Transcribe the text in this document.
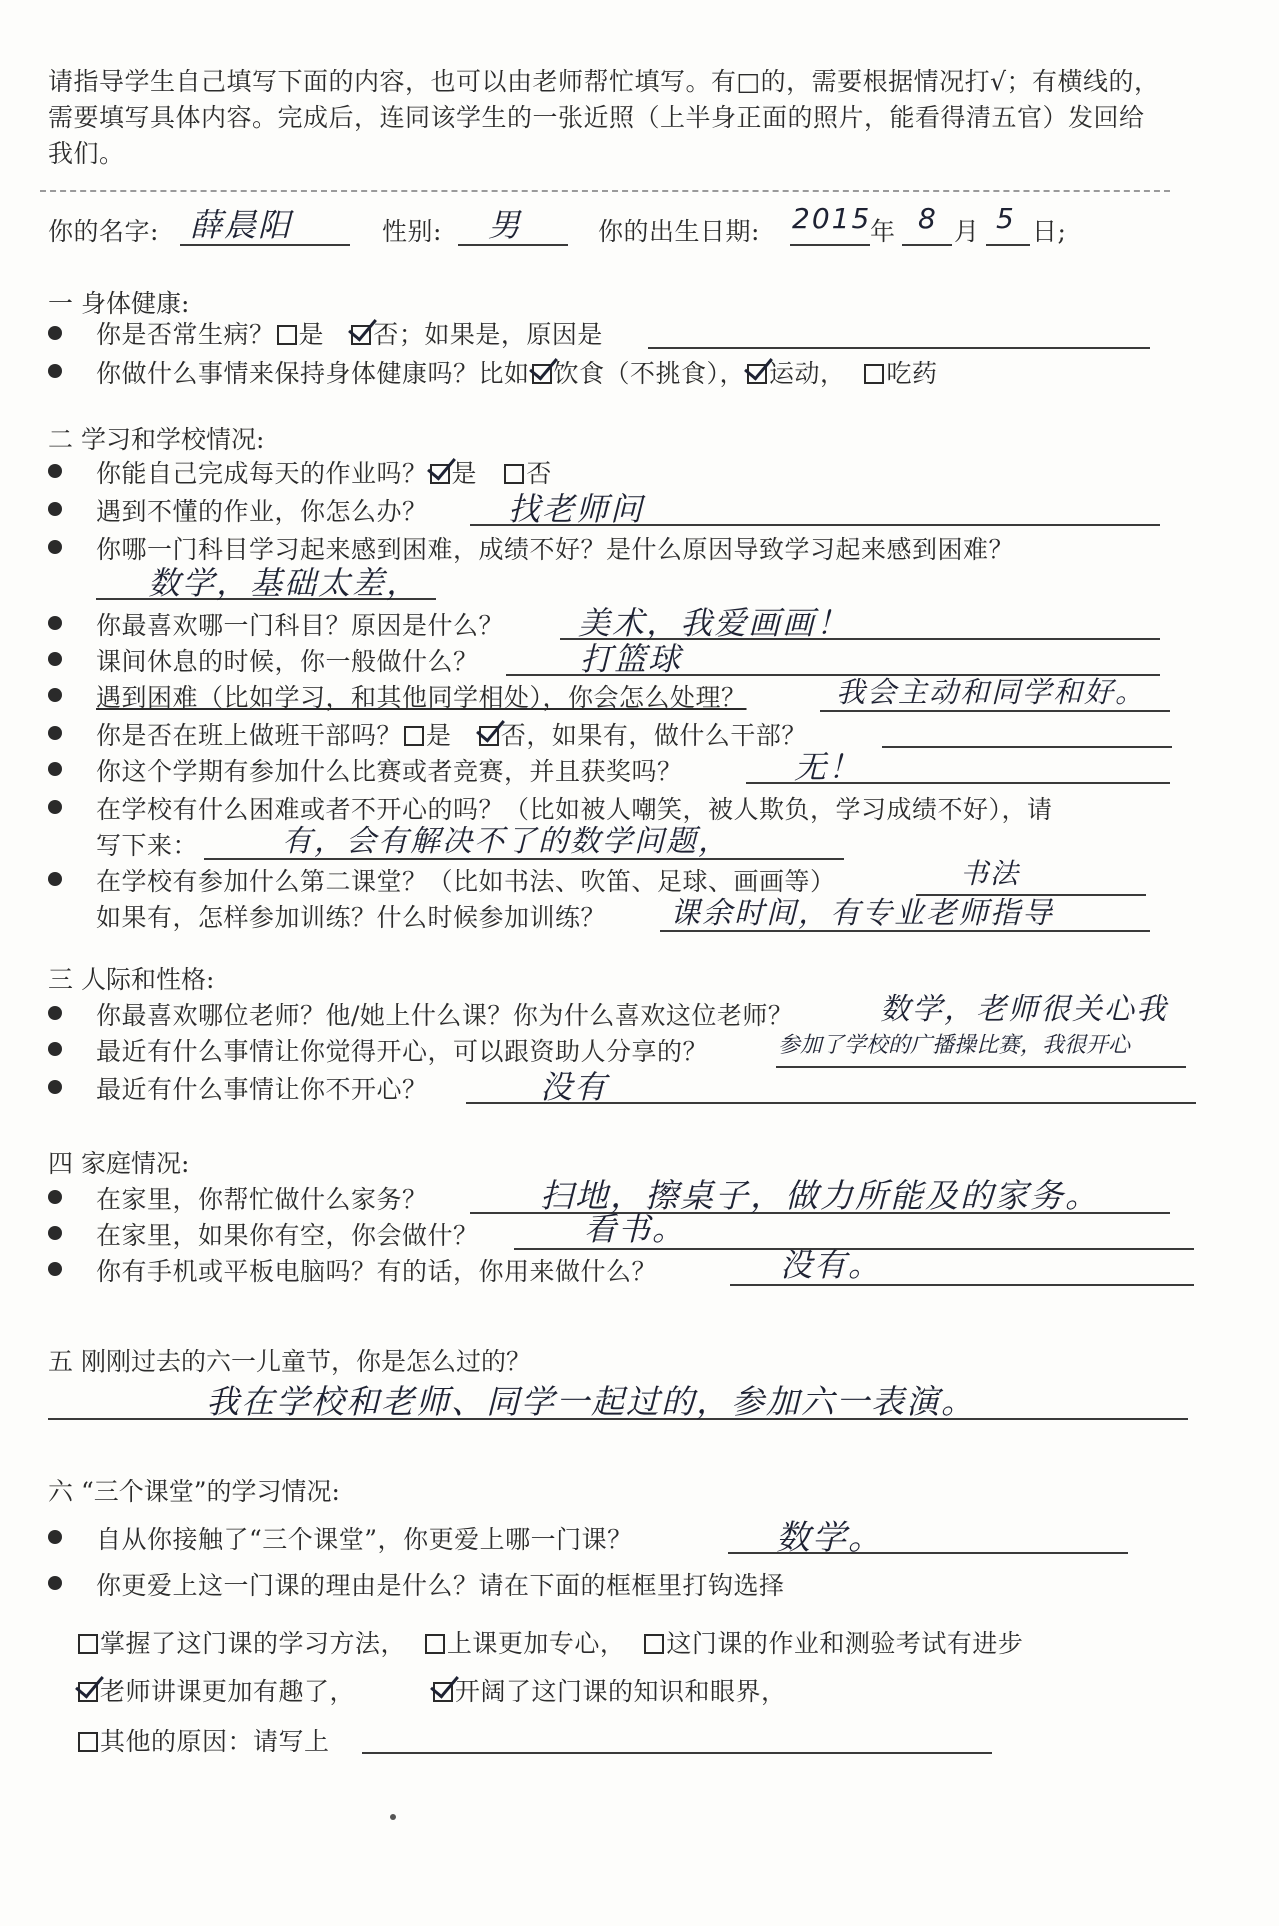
请指导学生自己填写下面的内容，也可以由老师帮忙填写。有□的，需要根据情况打√；有横线的，需要填写具体内容。完成后，连同该学生的一张近照（上半身正面的照片，能看得清五官）发回给我们。
你的名字: 薛晨阳	性别: 男	你的出生日期: 2015
年 8 月 5 日;
一 身体健康:
你是否常生病？ 是 否；如果是，原因是
你做什么事情来保持身体健康吗？比如 饮食（不挑食）， 运动， 吃药
二 学习和学校情况:
你能自己完成每天的作业吗？ 是 否
遇到不懂的作业，你怎么办？	找老师问
你哪一门科目学习起来感到困难，成绩不好？是什么原因导致学习起来感到困难？
数学，基础太差，
你最喜欢哪一门科目？原因是什么？ 美术，我爱画画！
课间休息的时候，你一般做什么？	打篮球
遇到困难（比如学习，和其他同学相处），你会怎么处理？	我会主动和同学和好。
你是否在班上做班干部吗？ 是 否，如果有，做什么干部？
你这个学期有参加什么比赛或者竞赛，并且获奖吗？	无！
在学校有什么困难或者不开心的吗？（比如被人嘲笑，被人欺负，学习成绩不好），请
写下来：	有，会有解决不了的数学问题，
在学校有参加什么第二课堂？（比如书法、吹笛、足球、画画等）	书法
如果有，怎样参加训练？什么时候参加训练？ 课余时间，有专业老师指导
三 人际和性格:
你最喜欢哪位老师？他/她上什么课？你为什么喜欢这位老师？	数学，老师很关心我
最近有什么事情让你觉得开心，可以跟资助人分享的？	参加了学校的广播操比赛，我很开心
最近有什么事情让你不开心？	没有
四 家庭情况:
在家里，你帮忙做什么家务？	扫地，擦桌子，做力所能及的家务。
在家里，如果你有空，你会做什？	看书。
你有手机或平板电脑吗？有的话，你用来做什么？	没有。
五 刚刚过去的六一儿童节，你是怎么过的？
我在学校和老师、同学一起过的，参加六一表演。
六 “三个课堂”的学习情况:
自从你接触了“三个课堂”，你更爱上哪一门课？	数学。
你更爱上这一门课的理由是什么？请在下面的框框里打钩选择
掌握了这门课的学习方法， 上课更加专心， 这门课的作业和测验考试有进步
老师讲课更加有趣了，	开阔了这门课的知识和眼界，
其他的原因：请写上
